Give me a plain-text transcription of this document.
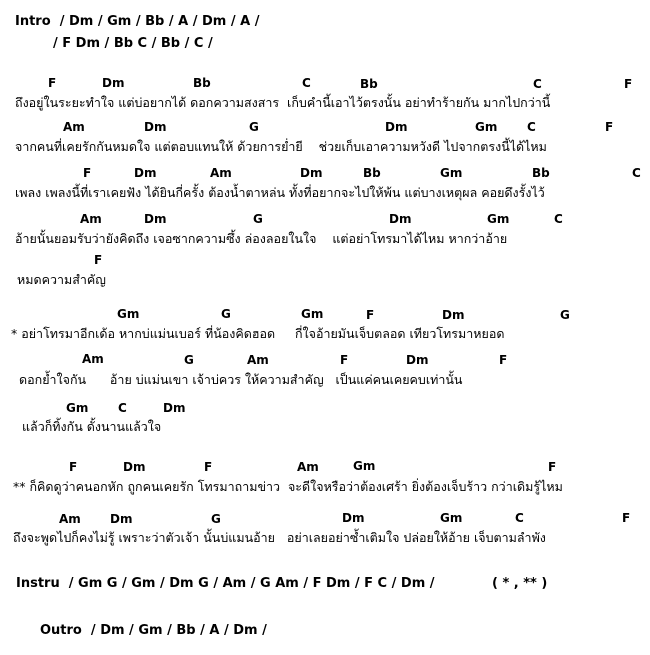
Intro  / Dm / Gm / Bb / A / Dm / A /
/ F Dm / Bb C / Bb / C /
F	Dm	Bb	C	Bb	C	F
ถึงอยู่ในระยะทำใจ แต่บ่อยากได้ ดอกความสงสาร  เก็บคำนี้เอาไว้ตรงนั้น อย่าทำร้ายกัน มากไปกว่านี้
Am	Dm	G	Dm	Gm C	F
จากคนที่เคยรักกันหมดใจ แต่ตอบแทนให้ ด้วยการย่ำยี    ช่วยเก็บเอาความหวังดี ไปจากตรงนี้ได้ไหม
F	Dm	Am	Dm	Bb	Gm	Bb	C
เพลง เพลงนี้ที่เราเคยฟัง ได้ยินกี่ครั้ง ต้องน้ำตาหล่น ทั้งที่อยากจะไปให้พ้น แต่บางเหตุผล คอยดึงรั้งไว้
Am	Dm	G	Dm	Gm	C
อ้ายนั้นยอมรับว่ายังคิดถึง เจอซากความซึ้ง ล่องลอยในใจ    แต่อย่าโทรมาได้ไหม หากว่าอ้าย
F
หมดความสำคัญ
Gm	G	Gm	F	Dm	G
* อย่าโทรมาอีกเด้อ หากบ่แม่นเบอร์ ที่น้องคิดฮอด     กี่ใจอ้ายมันเจ็บตลอด เทียวโทรมาหยอด
Am	G	Am	F	Dm	F
ดอกย้ำใจกัน      อ้าย บ่แม่นเขา เจ้าบ่ควร ให้ความสำคัญ   เป็นแค่คนเคยคบเท่านั้น
Gm C	Dm
แล้วก็ทิ้งกัน ดั้งนานแล้วใจ
F	Dm	F	Am	Gm	F
** ก็คิดดูว่าคนอกหัก ถูกคนเคยรัก โทรมาถามข่าว  จะดีใจหรือว่าต้องเศร้า ยิ่งต้องเจ็บร้าว กว่าเดิมรู้ไหม
Am Dm	G	Dm	Gm	C	F
ถึงจะพูดไปก็คงไม่รู้ เพราะว่าตัวเจ้า นั้นบ่แมนอ้าย   อย่าเลยอย่าซ้ำเติมใจ ปล่อยให้อ้าย เจ็บตามลำพัง
Instru  / Gm G / Gm / Dm G / Am / G Am / F Dm / F C / Dm /	( * , ** )
Outro  / Dm / Gm / Bb / A / Dm /
